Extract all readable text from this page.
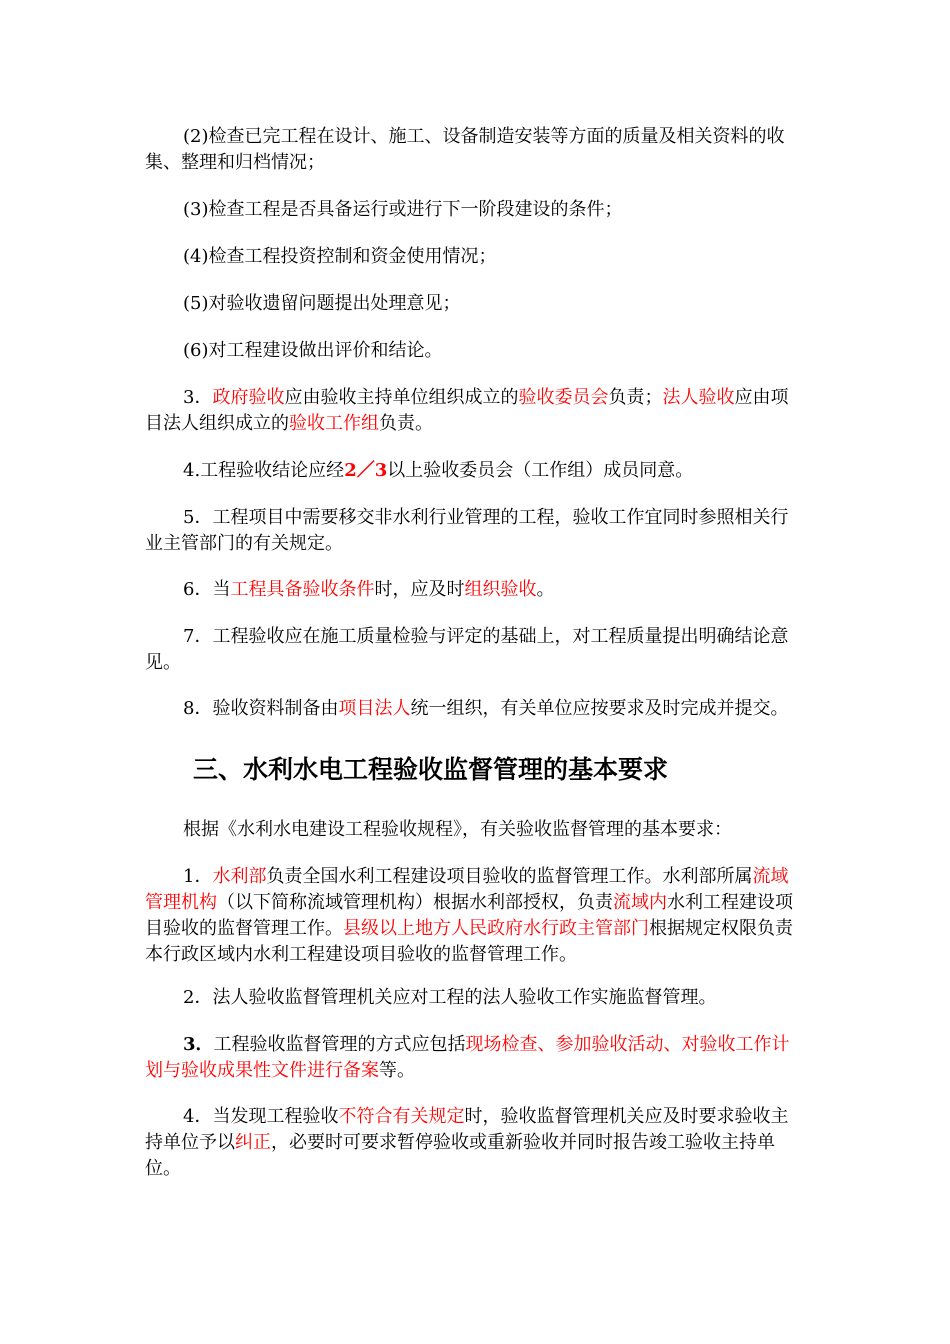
(2)检查已完工程在设计、施工、设备制造安装等方面的质量及相关资料的收集、整理和归档情况；

(3)检查工程是否具备运行或进行下一阶段建设的条件；

(4)检查工程投资控制和资金使用情况；

(5)对验收遗留问题提出处理意见；

(6)对工程建设做出评价和结论。

3．政府验收应由验收主持单位组织成立的验收委员会负责；法人验收应由项目法人组织成立的验收工作组负责。

4.工程验收结论应经2／3以上验收委员会（工作组）成员同意。

5．工程项目中需要移交非水利行业管理的工程，验收工作宜同时参照相关行业主管部门的有关规定。

6．当工程具备验收条件时，应及时组织验收。

7．工程验收应在施工质量检验与评定的基础上，对工程质量提出明确结论意见。

8．验收资料制备由项目法人统一组织，有关单位应按要求及时完成并提交。

三、水利水电工程验收监督管理的基本要求

根据《水利水电建设工程验收规程》，有关验收监督管理的基本要求：

1．水利部负责全国水利工程建设项目验收的监督管理工作。水利部所属流域管理机构（以下简称流域管理机构）根据水利部授权，负责流域内水利工程建设项目验收的监督管理工作。县级以上地方人民政府水行政主管部门根据规定权限负责本行政区域内水利工程建设项目验收的监督管理工作。

2．法人验收监督管理机关应对工程的法人验收工作实施监督管理。

3．工程验收监督管理的方式应包括现场检查、参加验收活动、对验收工作计划与验收成果性文件进行备案等。

4．当发现工程验收不符合有关规定时，验收监督管理机关应及时要求验收主持单位予以纠正，必要时可要求暂停验收或重新验收并同时报告竣工验收主持单位。
